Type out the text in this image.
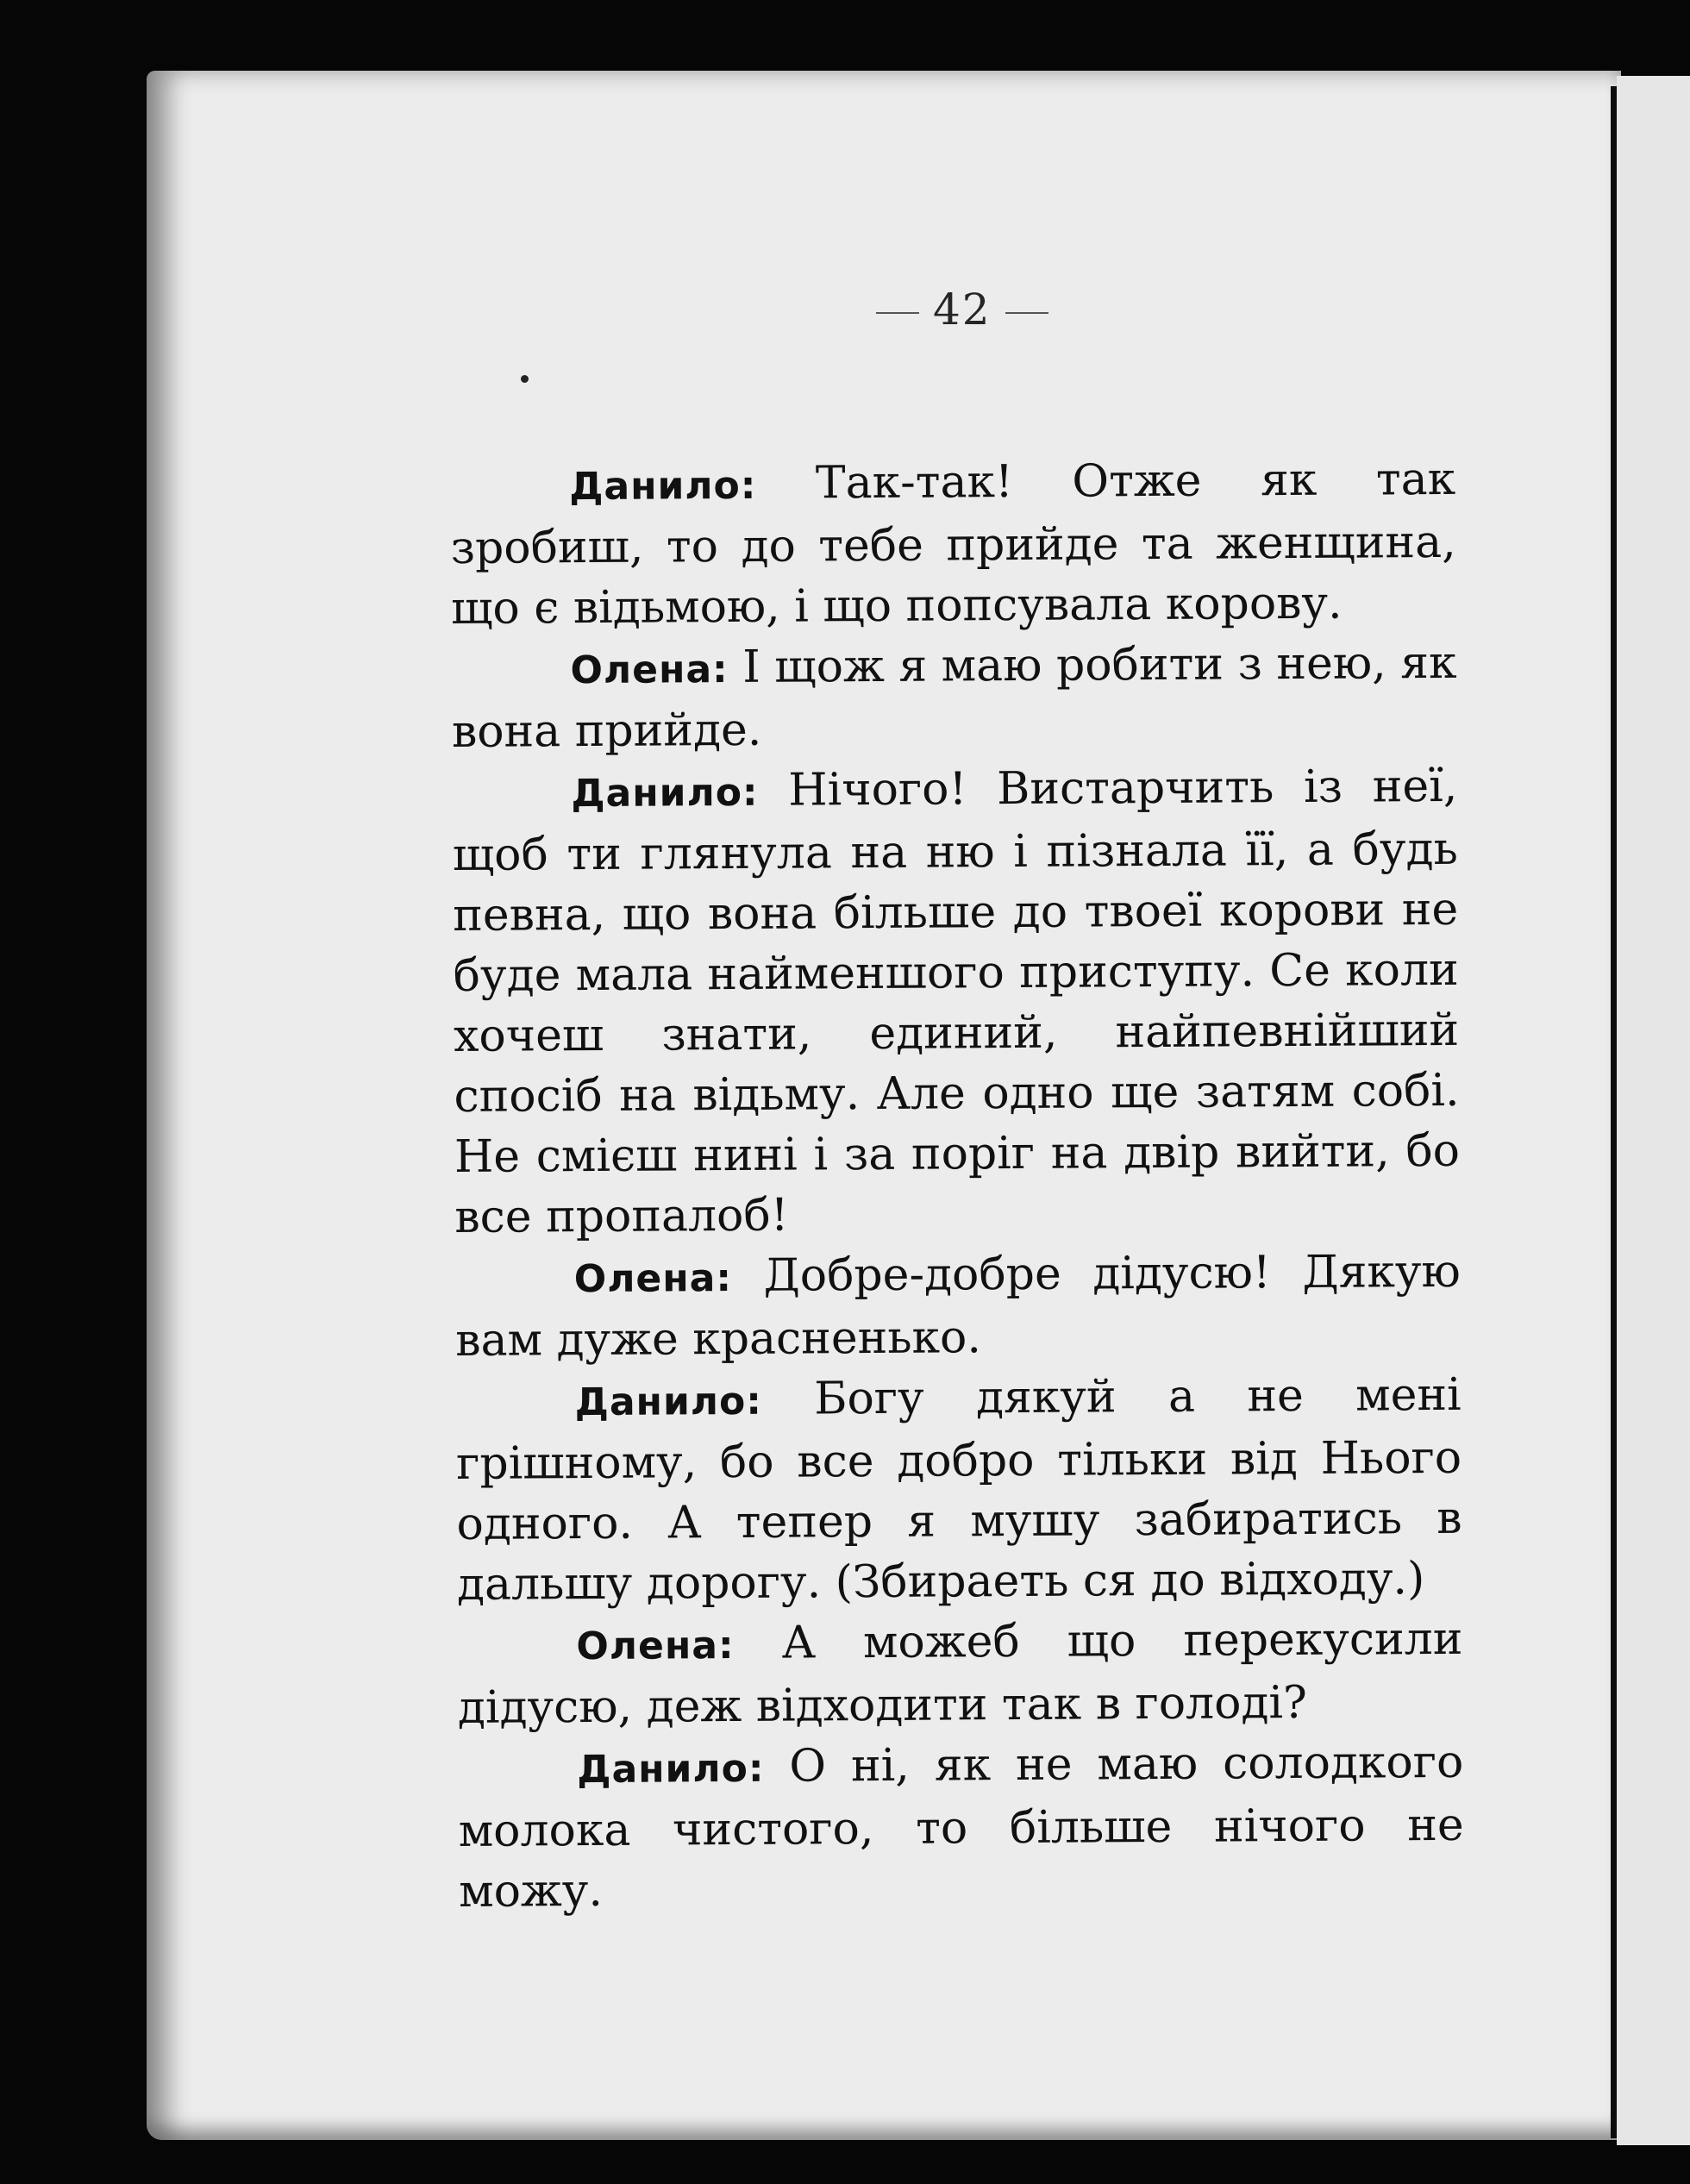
42

Данило: Так-так! Отже як так зробиш, то до тебе прийде та женщина, що є відьмою, і що попсувала корову.

Олена: І щож я маю робити з нею, як вона прийде.

Данило: Нічого! Вистарчить із неї, щоб ти глянула на ню і пізнала її, а будь певна, що вона більше до твоеї корови не буде мала найменшого приступу. Се коли хочеш знати, единий, найпевнійший спосіб на відьму. Але одно ще затям собі. Не смієш нині і за поріг на двір вийти, бо все пропалоб!

Олена: Добре-добре дідусю! Дякую вам дуже красненько.

Данило: Богу дякуй а не мені грішному, бо все добро тільки від Нього одного. А тепер я мушу забиратись в дальшу дорогу. (Збираеть ся до відходу.)

Олена: А можеб що перекусили дідусю, деж відходити так в голоді?

Данило: О ні, як не маю солодкого молока чистого, то більше нічого не можу.
